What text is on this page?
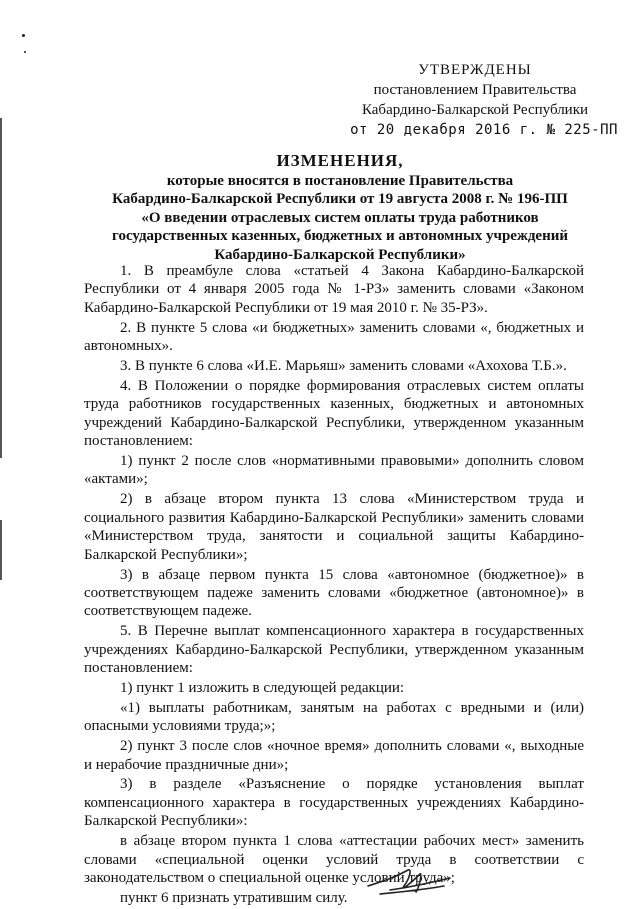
УТВЕРЖДЕНЫ
постановлением Правительства
Кабардино-Балкарской Республики
от 20 декабря 2016 г. № 225-ПП
ИЗМЕНЕНИЯ,
которые вносятся в постановление Правительства
Кабардино-Балкарской Республики от 19 августа 2008 г. № 196-ПП
«О введении отраслевых систем оплаты труда работников
государственных казенных, бюджетных и автономных учреждений
Кабардино-Балкарской Республики»

1. В преамбуле слова «статьей 4 Закона Кабардино-Балкарской Республики от 4 января 2005 года № 1-РЗ» заменить словами «Законом Кабардино-Балкарской Республики от 19 мая 2010 г. № 35-РЗ».

2. В пункте 5 слова «и бюджетных» заменить словами «, бюджетных и автономных».

3. В пункте 6 слова «И.Е. Марьяш» заменить словами «Ахохова Т.Б.».

4. В Положении о порядке формирования отраслевых систем оплаты труда работников государственных казенных, бюджетных и автономных учреждений Кабардино-Балкарской Республики, утвержденном указанным постановлением:

1) пункт 2 после слов «нормативными правовыми» дополнить словом «актами»;

2) в абзаце втором пункта 13 слова «Министерством труда и социального развития Кабардино-Балкарской Республики» заменить словами «Министерством труда, занятости и социальной защиты Кабардино-Балкарской Республики»;

3) в абзаце первом пункта 15 слова «автономное (бюджетное)» в соответствующем падеже заменить словами «бюджетное (автономное)» в соответствующем падеже.

5. В Перечне выплат компенсационного характера в государственных учреждениях Кабардино-Балкарской Республики, утвержденном указанным постановлением:

1) пункт 1 изложить в следующей редакции:

«1) выплаты работникам, занятым на работах с вредными и (или) опасными условиями труда;»;

2) пункт 3 после слов «ночное время» дополнить словами «, выходные и нерабочие праздничные дни»;

3) в разделе «Разъяснение о порядке установления выплат компенсационного характера в государственных учреждениях Кабардино-Балкарской Республики»:

в абзаце втором пункта 1 слова «аттестации рабочих мест» заменить словами «специальной оценки условий труда в соответствии с законодательством о специальной оценке условий труда»;

пункт 6 признать утратившим силу.
